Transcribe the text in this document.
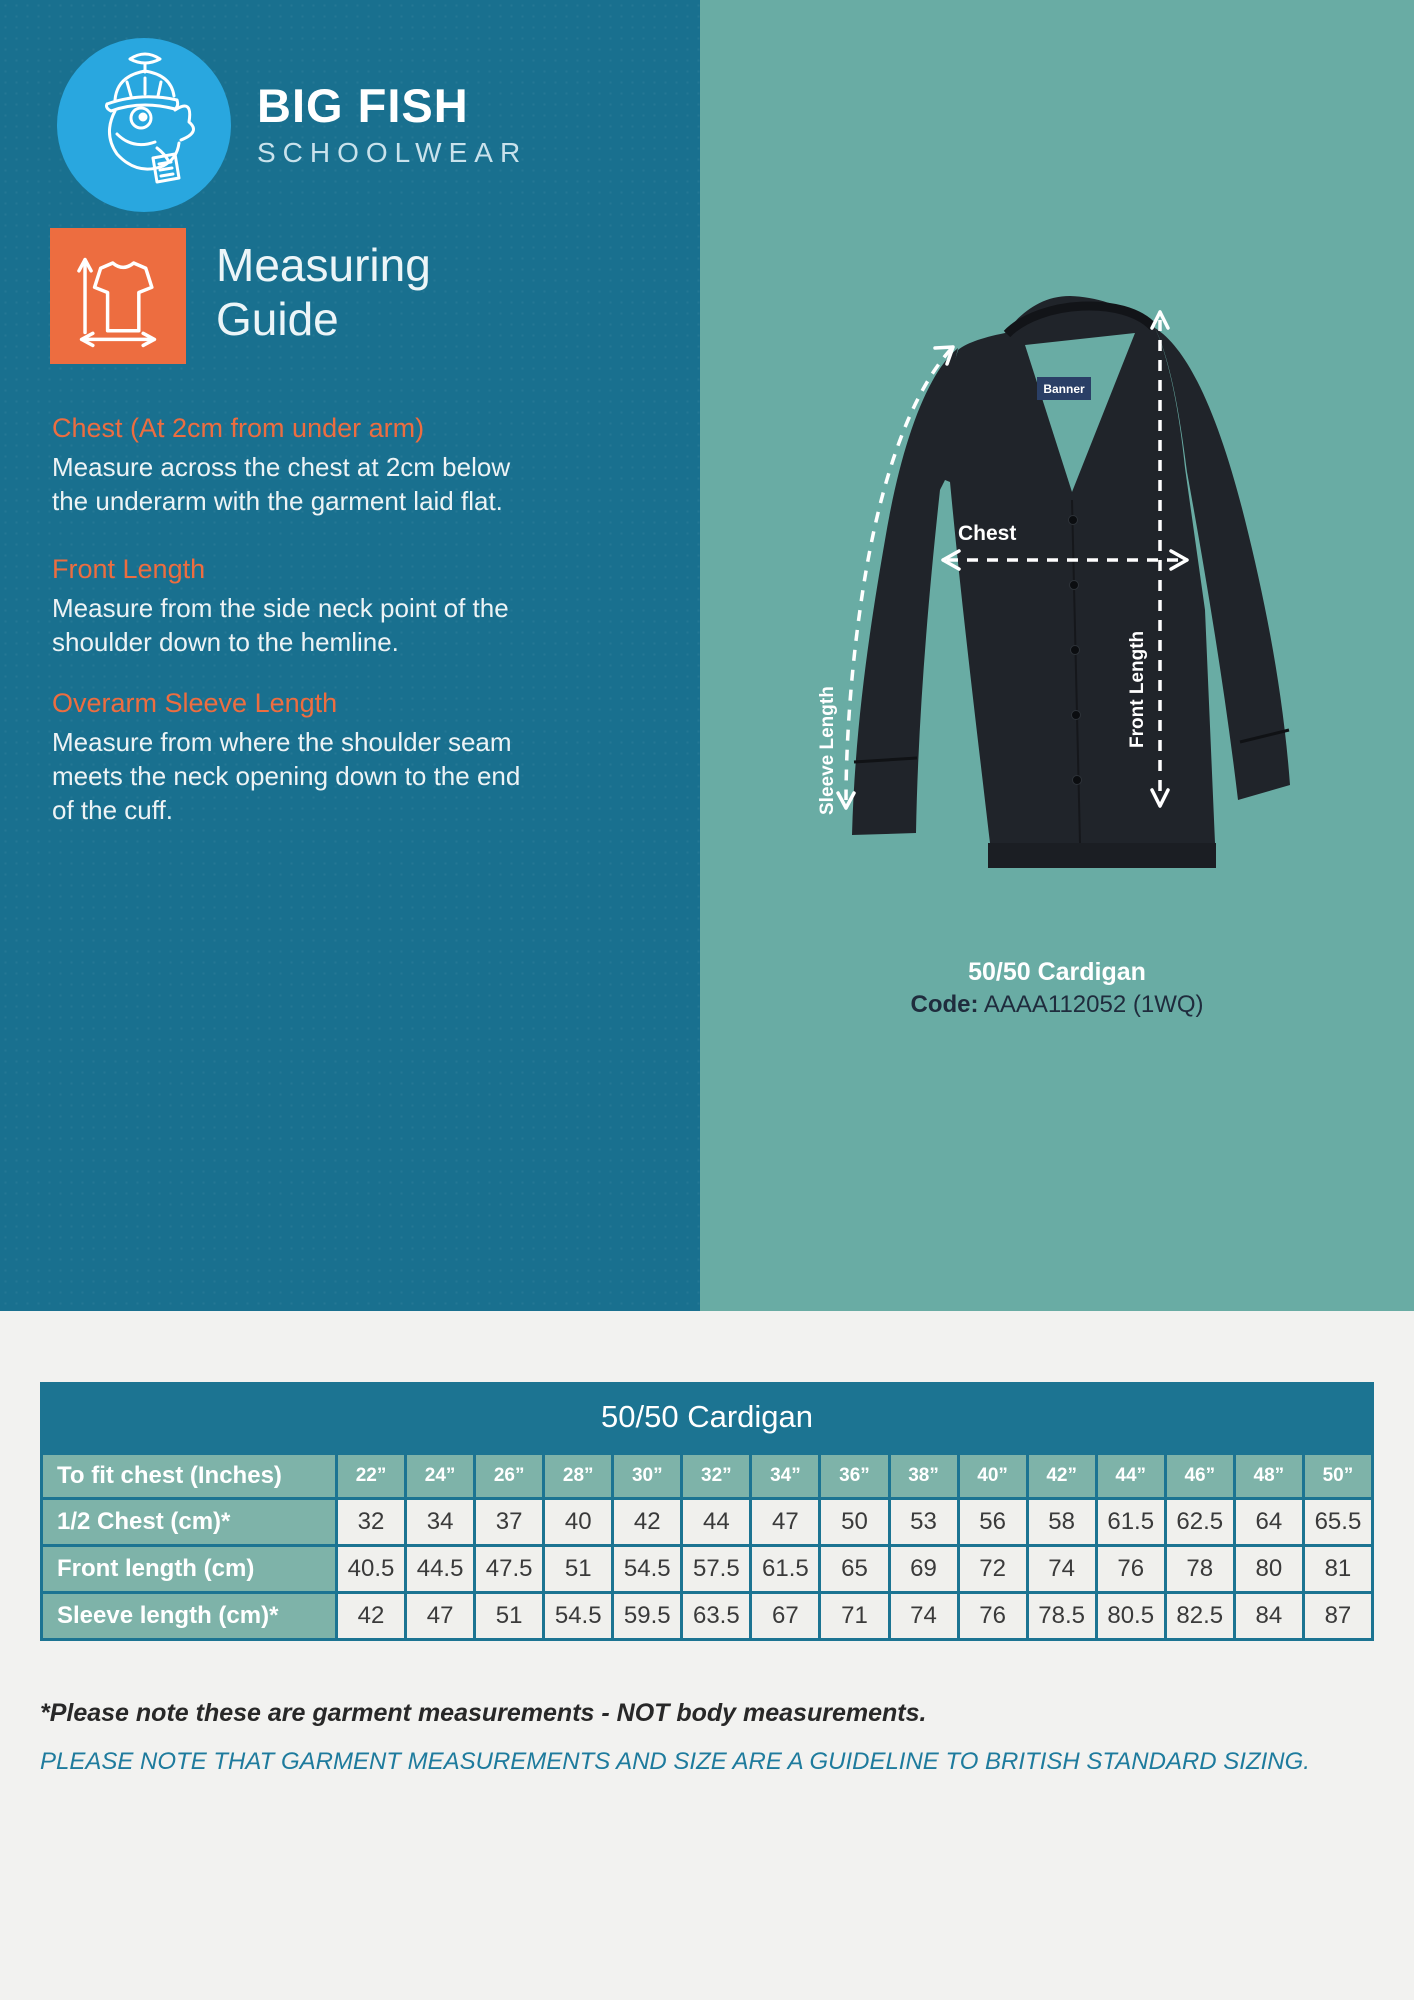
BIG FISH
SCHOOLWEAR
Measuring Guide
Chest (At 2cm from under arm)

Measure across the chest at 2cm below the underarm with the garment laid flat.

Front Length

Measure from the side neck point of the shoulder down to the hemline.

Overarm Sleeve Length

Measure from where the shoulder seam meets the neck opening down to the end of the cuff.

Banner
Sleeve Length
Chest
Front Length
50/50 Cardigan
Code: AAAA112052 (1WQ)
50/50 Cardigan
To fit chest (Inches)	22”	24”	26”	28”	30”	32”	34”	36”	38”	40”	42”	44”	46”	48”	50”
1/2 Chest (cm)*	32	34	37	40	42	44	47	50	53	56	58	61.5	62.5	64	65.5
Front length (cm)	40.5	44.5	47.5	51	54.5	57.5	61.5	65	69	72	74	76	78	80	81
Sleeve length (cm)*	42	47	51	54.5	59.5	63.5	67	71	74	76	78.5	80.5	82.5	84	87

*Please note these are garment measurements - NOT body measurements.

PLEASE NOTE THAT GARMENT MEASUREMENTS AND SIZE ARE A GUIDELINE TO BRITISH STANDARD SIZING.
